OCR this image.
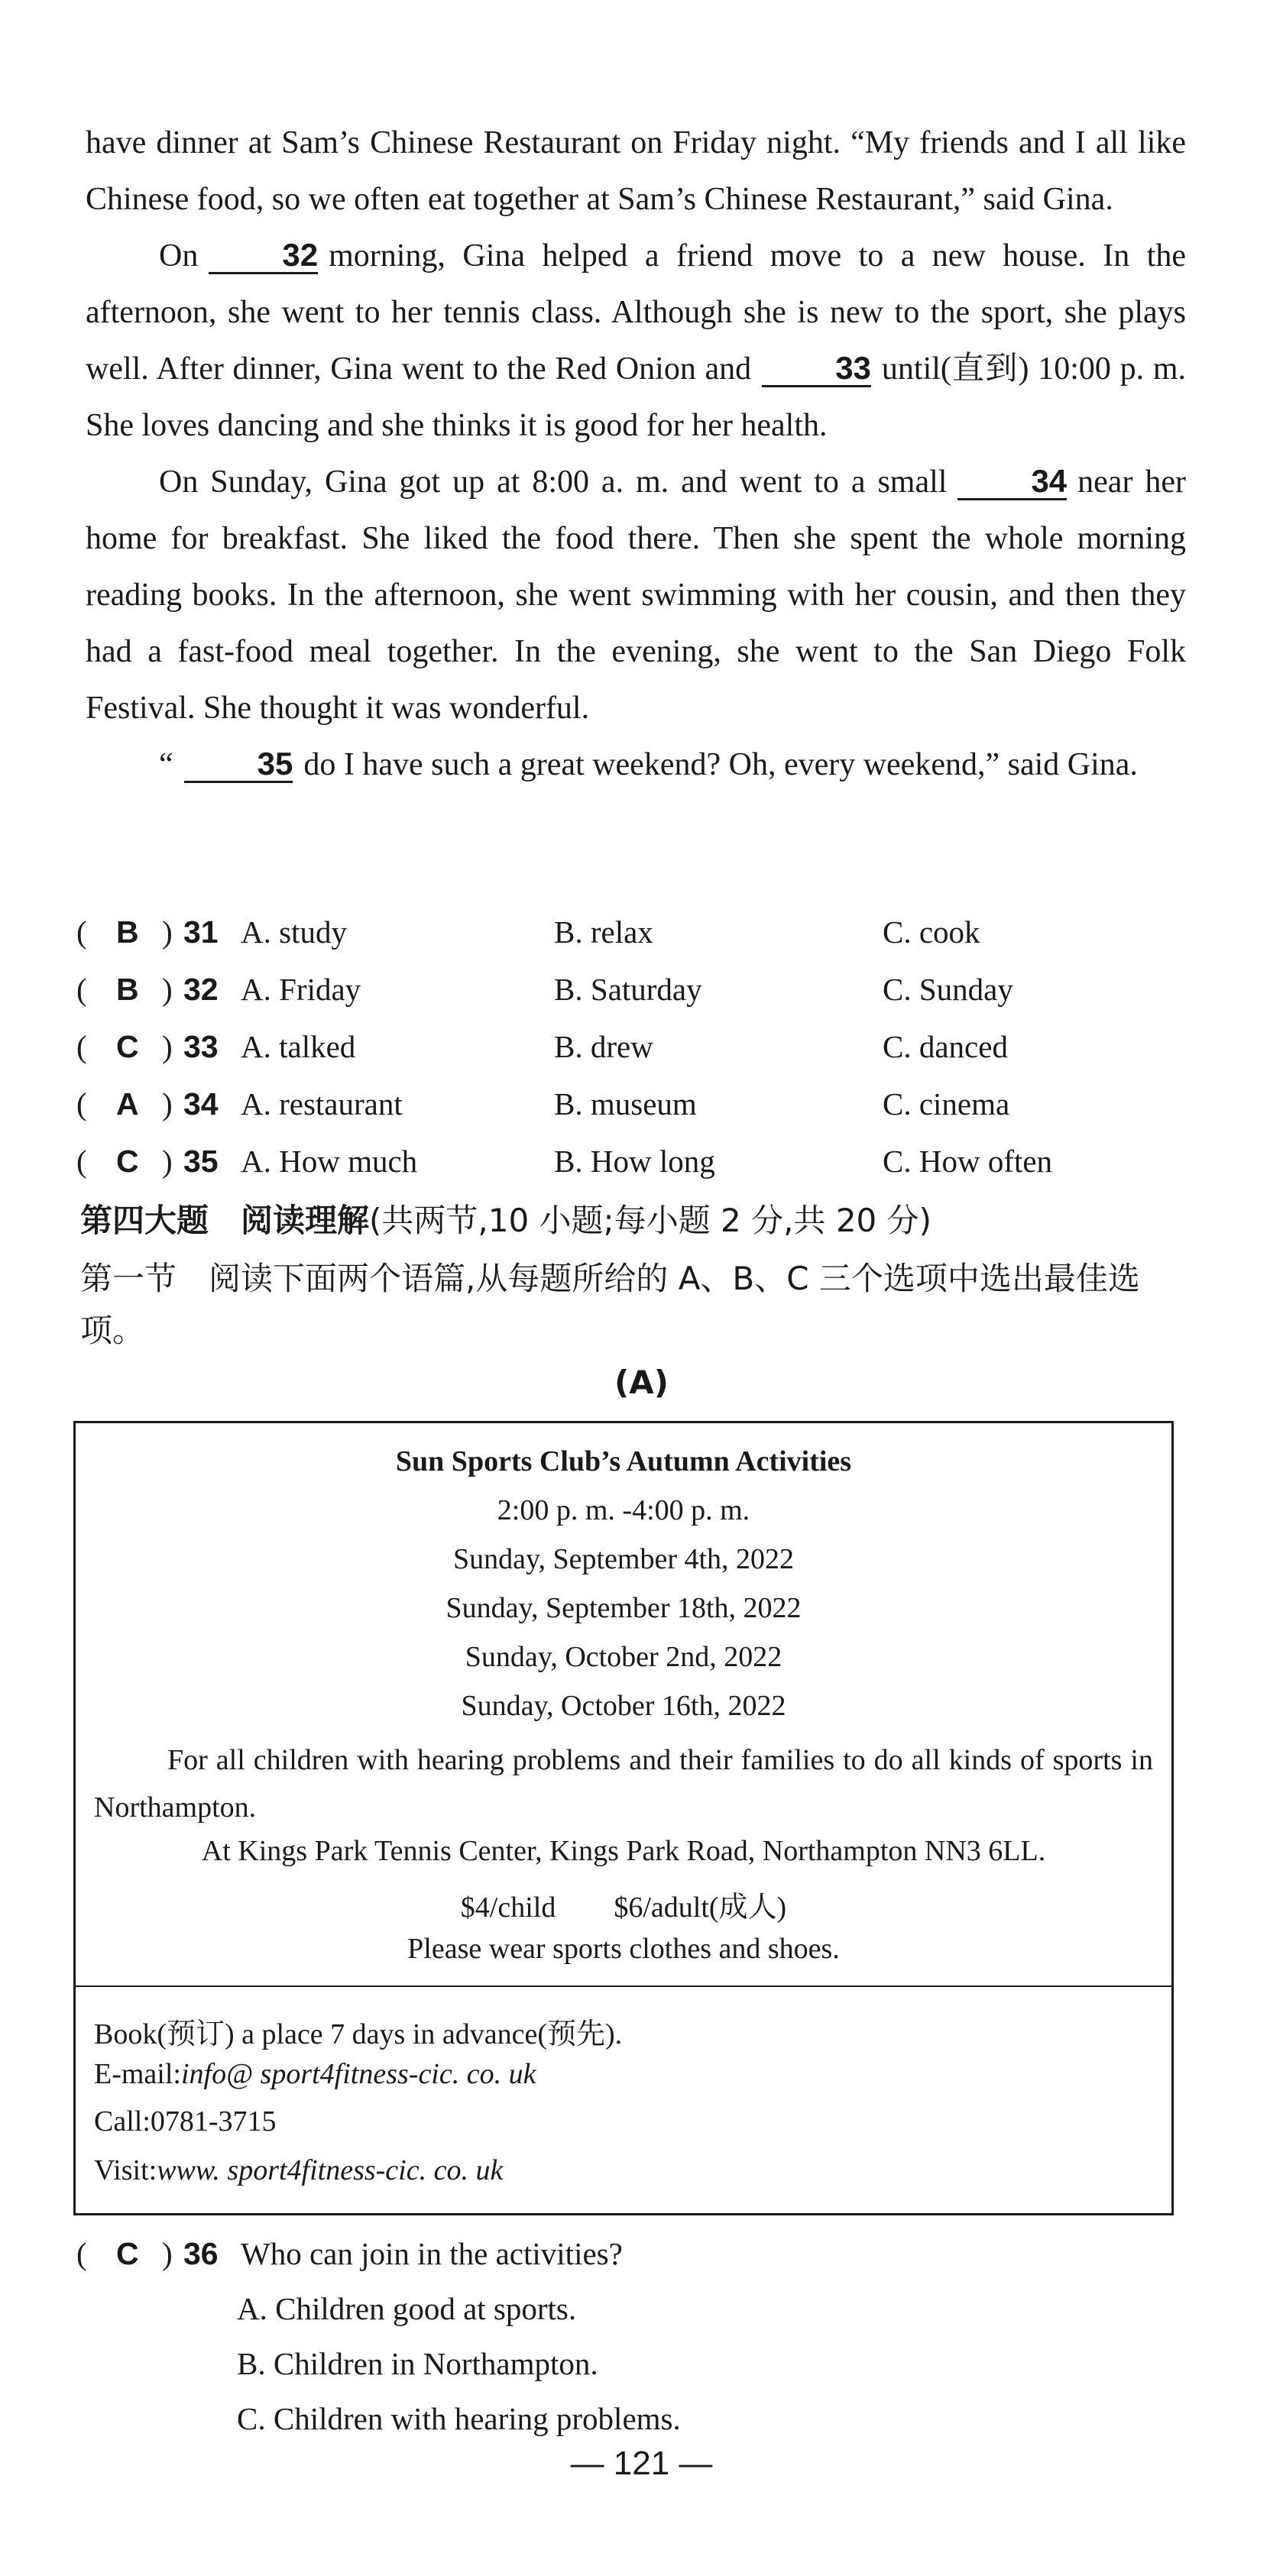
have dinner at Sam’s Chinese Restaurant on Friday night. “My friends and I all like Chinese food, so we often eat together at Sam’s Chinese Restaurant,” said Gina.

On	32 morning, Gina helped a friend move to a new house. In the afternoon, she went to her tennis class. Although she is new to the sport, she plays well. After dinner, Gina went to the Red Onion and	33 until(直到) 10:00 p. m. She loves dancing and she thinks it is good for her health.

On Sunday, Gina got up at 8:00 a. m. and went to a small	34 near her home for breakfast. She liked the food there. Then she spent the whole morning reading books. In the afternoon, she went swimming with her cousin, and then they had a fast-food meal together. In the evening, she went to the San Diego Folk Festival. She thought it was wonderful.

“	35 do I have such a great weekend? Oh, every weekend,” said Gina.

( B ) 31 A. study	B. relax	C. cook
( B ) 32 A. Friday	B. Saturday	C. Sunday
( C ) 33 A. talked	B. drew	C. danced
( A ) 34 A. restaurant	B. museum	C. cinema
( C ) 35 A. How much	B. How long	C. How often
第四大题　阅读理解(共两节,10 小题;每小题 2 分,共 20 分)
第一节　阅读下面两个语篇,从每题所给的 A、B、C 三个选项中选出最佳选项。
(A)
Sun Sports Club’s Autumn Activities
2:00 p. m. -4:00 p. m.
Sunday, September 4th, 2022
Sunday, September 18th, 2022
Sunday, October 2nd, 2022
Sunday, October 16th, 2022
For all children with hearing problems and their families to do all kinds of sports in Northampton.
At Kings Park Tennis Center, Kings Park Road, Northampton NN3 6LL.
$4/child　　$6/adult(成人)
Please wear sports clothes and shoes.
Book(预订) a place 7 days in advance(预先).
E-mail:info@ sport4fitness-cic. co. uk
Call:0781-3715
Visit:www. sport4fitness-cic. co. uk
( C ) 36 Who can join in the activities?
A. Children good at sports.
B. Children in Northampton.
C. Children with hearing problems.
— 121 —
